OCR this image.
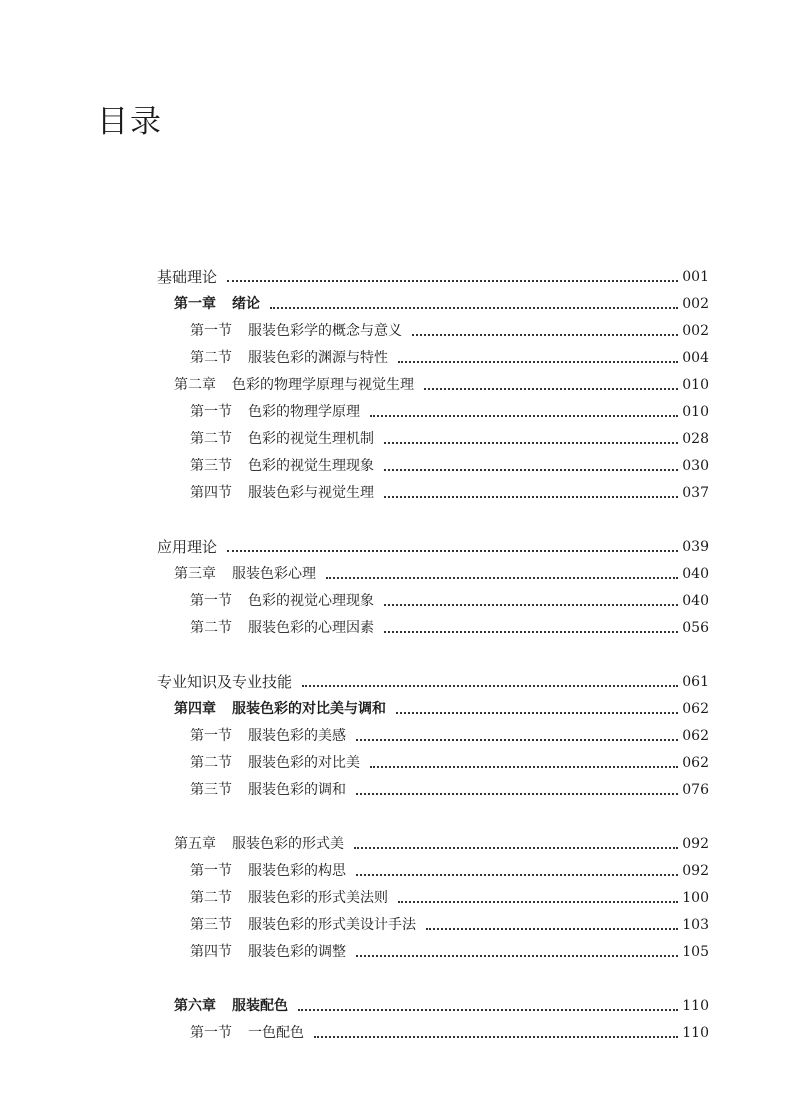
目录
基础理论	001
第一章 绪论	002
第一节 服装色彩学的概念与意义	002
第二节 服装色彩的渊源与特性	004
第二章 色彩的物理学原理与视觉生理	010
第一节 色彩的物理学原理	010
第二节 色彩的视觉生理机制	028
第三节 色彩的视觉生理现象	030
第四节 服装色彩与视觉生理	037
应用理论	039
第三章 服装色彩心理	040
第一节 色彩的视觉心理现象	040
第二节 服装色彩的心理因素	056
专业知识及专业技能	061
第四章 服装色彩的对比美与调和	062
第一节 服装色彩的美感	062
第二节 服装色彩的对比美	062
第三节 服装色彩的调和	076
第五章 服装色彩的形式美	092
第一节 服装色彩的构思	092
第二节 服装色彩的形式美法则	100
第三节 服装色彩的形式美设计手法	103
第四节 服装色彩的调整	105
第六章 服装配色	110
第一节 一色配色	110
